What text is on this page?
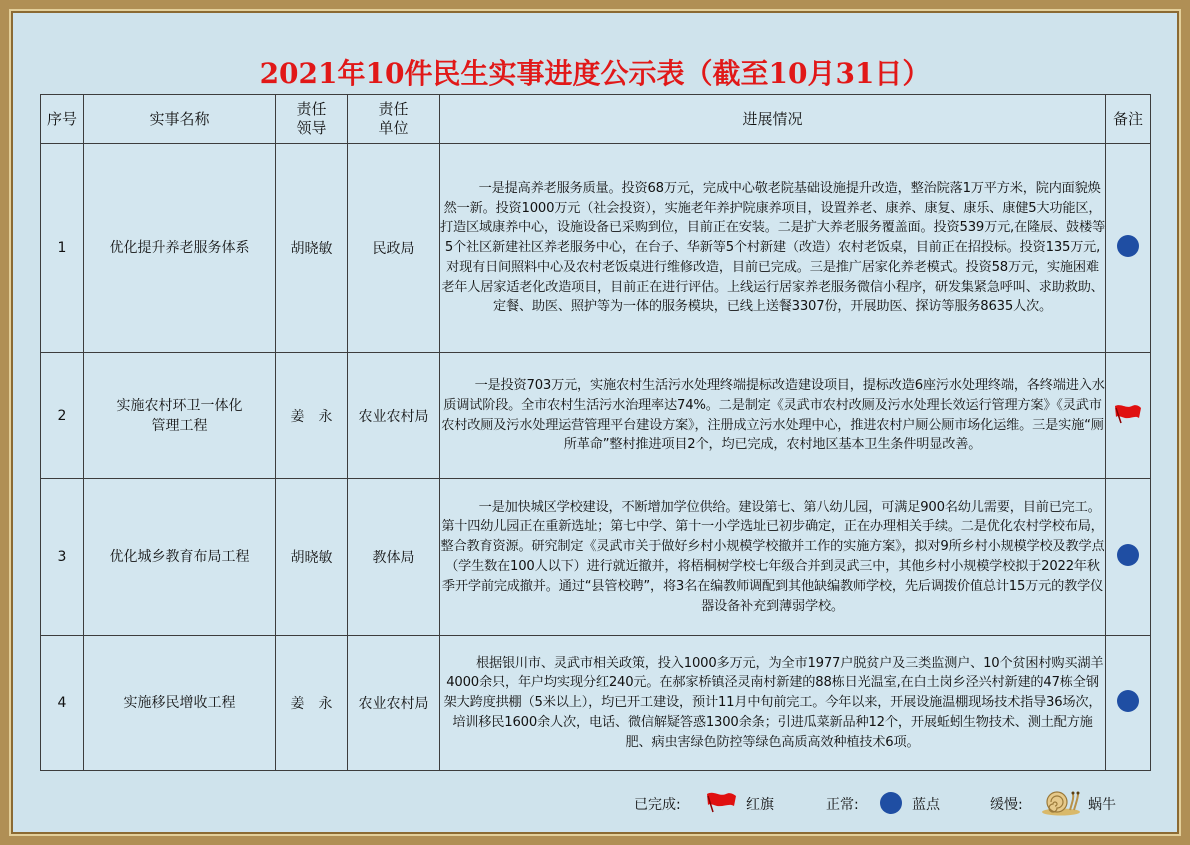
2021年10件民生实事进度公示表（截至10月31日）
序号	实事名称	责任领导	责任单位	进展情况	备注
1	优化提升养老服务体系	胡晓敏	民政局	一是提高养老服务质量。投资68万元，完成中心敬老院基础设施提升改造，整治院落1万平方米，院内面貌焕然一新。投资1000万元（社会投资），实施老年养护院康养项目，设置养老、康养、康复、康乐、康健5大功能区，打造区域康养中心，设施设备已采购到位，目前正在安装。二是扩大养老服务覆盖面。投资539万元,在隆辰、鼓楼等5个社区新建社区养老服务中心，在台子、华新等5个村新建（改造）农村老饭桌，目前正在招投标。投资135万元,对现有日间照料中心及农村老饭桌进行维修改造，目前已完成。三是推广居家化养老模式。投资58万元，实施困难老年人居家适老化改造项目，目前正在进行评估。上线运行居家养老服务微信小程序，研发集紧急呼叫、求助救助、定餐、助医、照护等为一体的服务模块，已线上送餐3307份，开展助医、探访等服务8635人次。	
2	实施农村环卫一体化管理工程	姜　永	农业农村局	一是投资703万元，实施农村生活污水处理终端提标改造建设项目，提标改造6座污水处理终端，各终端进入水质调试阶段。全市农村生活污水治理率达74%。二是制定《灵武市农村改厕及污水处理长效运行管理方案》《灵武市农村改厕及污水处理运营管理平台建设方案》，注册成立污水处理中心，推进农村户厕公厕市场化运维。三是实施“厕所革命”整村推进项目2个，均已完成，农村地区基本卫生条件明显改善。	
3	优化城乡教育布局工程	胡晓敏	教体局	一是加快城区学校建设，不断增加学位供给。建设第七、第八幼儿园，可满足900名幼儿需要，目前已完工。第十四幼儿园正在重新选址；第七中学、第十一小学选址已初步确定，正在办理相关手续。二是优化农村学校布局，整合教育资源。研究制定《灵武市关于做好乡村小规模学校撤并工作的实施方案》，拟对9所乡村小规模学校及教学点（学生数在100人以下）进行就近撤并，将梧桐树学校七年级合并到灵武三中，其他乡村小规模学校拟于2022年秋季开学前完成撤并。通过“县管校聘”，将3名在编教师调配到其他缺编教师学校，先后调拨价值总计15万元的教学仪器设备补充到薄弱学校。	
4	实施移民增收工程	姜　永	农业农村局	根据银川市、灵武市相关政策，投入1000多万元，为全市1977户脱贫户及三类监测户、10个贫困村购买湖羊4000余只，年户均实现分红240元。在郝家桥镇泾灵南村新建的88栋日光温室,在白土岗乡泾兴村新建的47栋全钢架大跨度拱棚（5米以上），均已开工建设，预计11月中旬前完工。今年以来，开展设施温棚现场技术指导36场次，培训移民1600余人次，电话、微信解疑答惑1300余条；引进瓜菜新品种12个，开展蚯蚓生物技术、测土配方施肥、病虫害绿色防控等绿色高质高效种植技术6项。	
已完成:	红旗	正常:	蓝点	缓慢:	蜗牛
